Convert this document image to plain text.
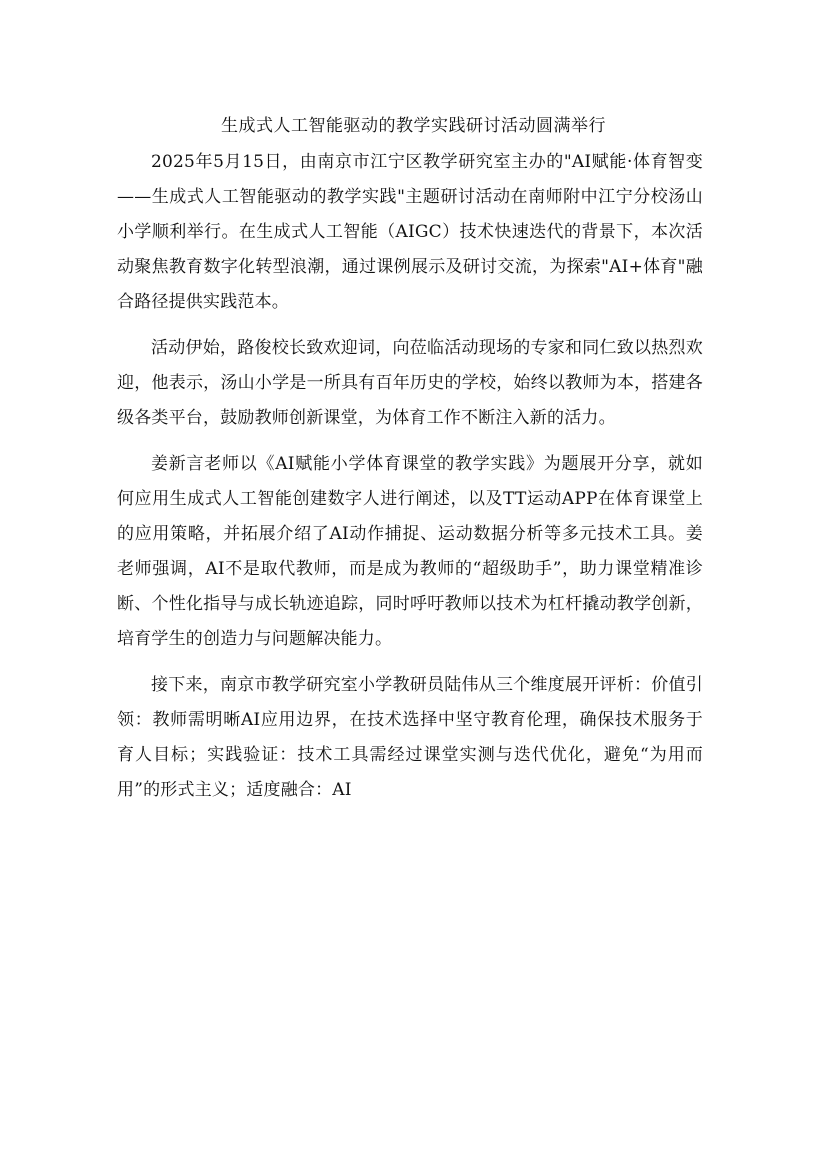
生成式人工智能驱动的教学实践研讨活动圆满举行

2025年5月15日，由南京市江宁区教学研究室主办的"AI赋能·体育智变——生成式人工智能驱动的教学实践"主题研讨活动在南师附中江宁分校汤山小学顺利举行。在生成式人工智能（AIGC）技术快速迭代的背景下，本次活动聚焦教育数字化转型浪潮，通过课例展示及研讨交流，为探索"AI+体育"融合路径提供实践范本。

活动伊始，路俊校长致欢迎词，向莅临活动现场的专家和同仁致以热烈欢迎，他表示，汤山小学是一所具有百年历史的学校，始终以教师为本，搭建各级各类平台，鼓励教师创新课堂，为体育工作不断注入新的活力。

姜新言老师以《AI赋能小学体育课堂的教学实践》为题展开分享，就如何应用生成式人工智能创建数字人进行阐述，以及TT运动APP在体育课堂上的应用策略，并拓展介绍了AI动作捕捉、运动数据分析等多元技术工具。姜老师强调，AI不是取代教师，而是成为教师的“超级助手”，助力课堂精准诊断、个性化指导与成长轨迹追踪，同时呼吁教师以技术为杠杆撬动教学创新，培育学生的创造力与问题解决能力。

接下来，南京市教学研究室小学教研员陆伟从三个维度展开评析：价值引领：教师需明晰AI应用边界，在技术选择中坚守教育伦理，确保技术服务于育人目标；实践验证：技术工具需经过课堂实测与迭代优化，避免“为用而用”的形式主义；适度融合：AI
